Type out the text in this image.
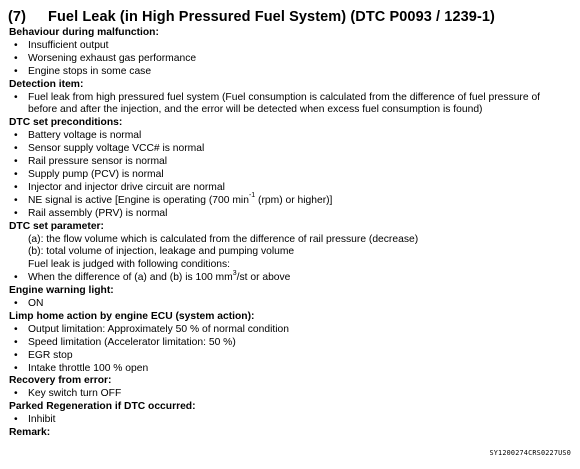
(7) Fuel Leak (in High Pressured Fuel System) (DTC P0093 / 1239-1)
Behaviour during malfunction:
• Insufficient output
• Worsening exhaust gas performance
• Engine stops in some case
Detection item:
• Fuel leak from high pressured fuel system (Fuel consumption is calculated from the difference of fuel pressure of
before and after the injection, and the error will be detected when excess fuel consumption is found)
DTC set preconditions:
• Battery voltage is normal
• Sensor supply voltage VCC# is normal
• Rail pressure sensor is normal
• Supply pump (PCV) is normal
• Injector and injector drive circuit are normal
• NE signal is active [Engine is operating (700 $\min^{-1} (rpm)$ or higher)]
• Rail assembly (PRV) is normal
DTC set parameter:
(a): the flow volume which is calculated from the difference of rail pressure (decrease)
(b): total volume of injection, leakage and pumping volume
Fuel leak is judged with following conditions:
• When the difference of (a) and (b) is 100 $mm^3/st$ or above
Engine warning light:
• ON
Limp home action by engine ECU (system action):
• Output limitation: Approximately 50 % of normal condition
• Speed limitation (Accelerator limitation: 50 %)
• EGR stop
• Intake throttle 100 % open
Recovery from error:
• Key switch turn OFF
Parked Regeneration if DTC occurred:
• Inhibit
Remark:
SY1200274CRS0227US0
